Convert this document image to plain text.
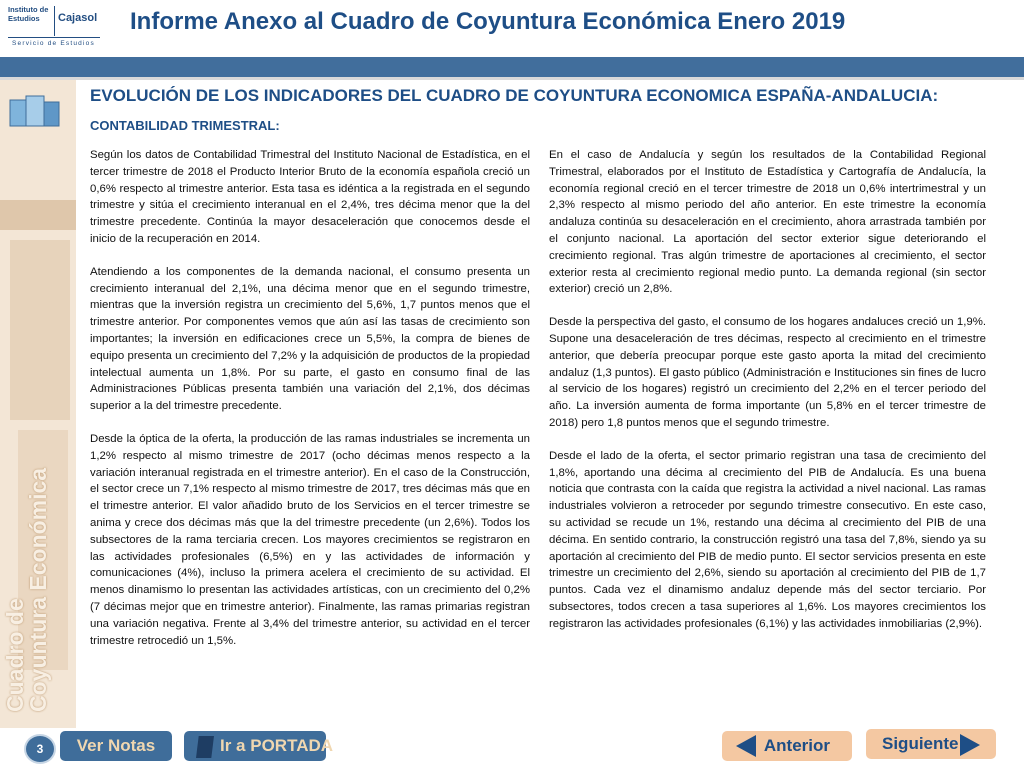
Instituto de Estudios	Cajasol
Servicio de Estudios
Informe Anexo al Cuadro de Coyuntura Económica Enero 2019
Cuadro de
Coyuntura Económica
EVOLUCIÓN DE LOS INDICADORES DEL CUADRO DE COYUNTURA ECONOMICA ESPAÑA-ANDALUCIA:
CONTABILIDAD TRIMESTRAL:

Según los datos de Contabilidad Trimestral del Instituto Nacional de Estadística, en el tercer trimestre de 2018 el Producto Interior Bruto de la economía española creció un 0,6% respecto al trimestre anterior. Esta tasa es idéntica a la registrada en el segundo trimestre y sitúa el crecimiento interanual en el 2,4%, tres décima menor que la del trimestre precedente. Continúa la mayor desaceleración que conocemos desde el inicio de la recuperación en 2014.

Atendiendo a los componentes de la demanda nacional, el consumo presenta un crecimiento interanual del 2,1%, una décima menor que en el segundo trimestre, mientras que la inversión registra un crecimiento del 5,6%, 1,7 puntos menos que el trimestre anterior. Por componentes vemos que aún así las tasas de crecimiento son importantes; la inversión en edificaciones crece un 5,5%, la compra de bienes de equipo presenta un crecimiento del 7,2% y la adquisición de productos de la propiedad intelectual aumenta un 1,8%. Por su parte, el gasto en consumo final de las Administraciones Públicas presenta también una variación del 2,1%, dos décimas superior a la del trimestre precedente.

Desde la óptica de la oferta, la producción de las ramas industriales se incrementa un 1,2% respecto al mismo trimestre de 2017 (ocho décimas menos respecto a la variación interanual registrada en el trimestre anterior). En el caso de la Construcción, el sector crece un 7,1% respecto al mismo trimestre de 2017, tres décimas más que en el trimestre anterior. El valor añadido bruto de los Servicios en el tercer trimestre se anima y crece dos décimas más que la del trimestre precedente (un 2,6%). Todos los subsectores de la rama terciaria crecen. Los mayores crecimientos se registraron en las actividades profesionales (6,5%) en y las actividades de información y comunicaciones (4%), incluso la primera acelera el crecimiento de su actividad. El menos dinamismo lo presentan las actividades artísticas, con un crecimiento del 0,2% (7 décimas mejor que en trimestre anterior). Finalmente, las ramas primarias registran una variación negativa. Frente al 3,4% del trimestre anterior, su actividad en el tercer trimestre retrocedió un 1,5%.

En el caso de Andalucía y según los resultados de la Contabilidad Regional Trimestral, elaborados por el Instituto de Estadística y Cartografía de Andalucía, la economía regional creció en el tercer trimestre de 2018 un 0,6% intertrimestral y un 2,3% respecto al mismo periodo del año anterior. En este trimestre la economía andaluza continúa su desaceleración en el crecimiento, ahora arrastrada también por el conjunto nacional. La aportación del sector exterior sigue deteriorando el crecimiento regional. Tras algún trimestre de aportaciones al crecimiento, el sector exterior resta al crecimiento regional medio punto. La demanda regional (sin sector exterior) creció un 2,8%.

Desde la perspectiva del gasto, el consumo de los hogares andaluces creció un 1,9%. Supone una desaceleración de tres décimas, respecto al crecimiento en el trimestre anterior, que debería preocupar porque este gasto aporta la mitad del crecimiento andaluz (1,3 puntos). El gasto público (Administración e Instituciones sin fines de lucro al servicio de los hogares) registró un crecimiento del 2,2% en el tercer periodo del año. La inversión aumenta de forma importante (un 5,8% en el tercer trimestre de 2018) pero 1,8 puntos menos que el segundo trimestre.

Desde el lado de la oferta, el sector primario registran una tasa de crecimiento del 1,8%, aportando una décima al crecimiento del PIB de Andalucía. Es una buena noticia que contrasta con la caída que registra la actividad a nivel nacional. Las ramas industriales volvieron a retroceder por segundo trimestre consecutivo. En este caso, su actividad se recude un 1%, restando una décima al crecimiento del PIB de una décima. En sentido contrario, la construcción registró una tasa del 7,8%, siendo ya su aportación al crecimiento del PIB de medio punto. El sector servicios presenta en este trimestre un crecimiento del 2,6%, siendo su aportación al crecimiento del PIB de 1,7 puntos. Cada vez el dinamismo andaluz depende más del sector terciario. Por subsectores, todos crecen a tasa superiores al 1,6%. Los mayores crecimientos los registraron las actividades profesionales (6,1%) y las actividades inmobiliarias (2,9%).

3	Ver Notas	Ir a PORTADA	Anterior	Siguiente
